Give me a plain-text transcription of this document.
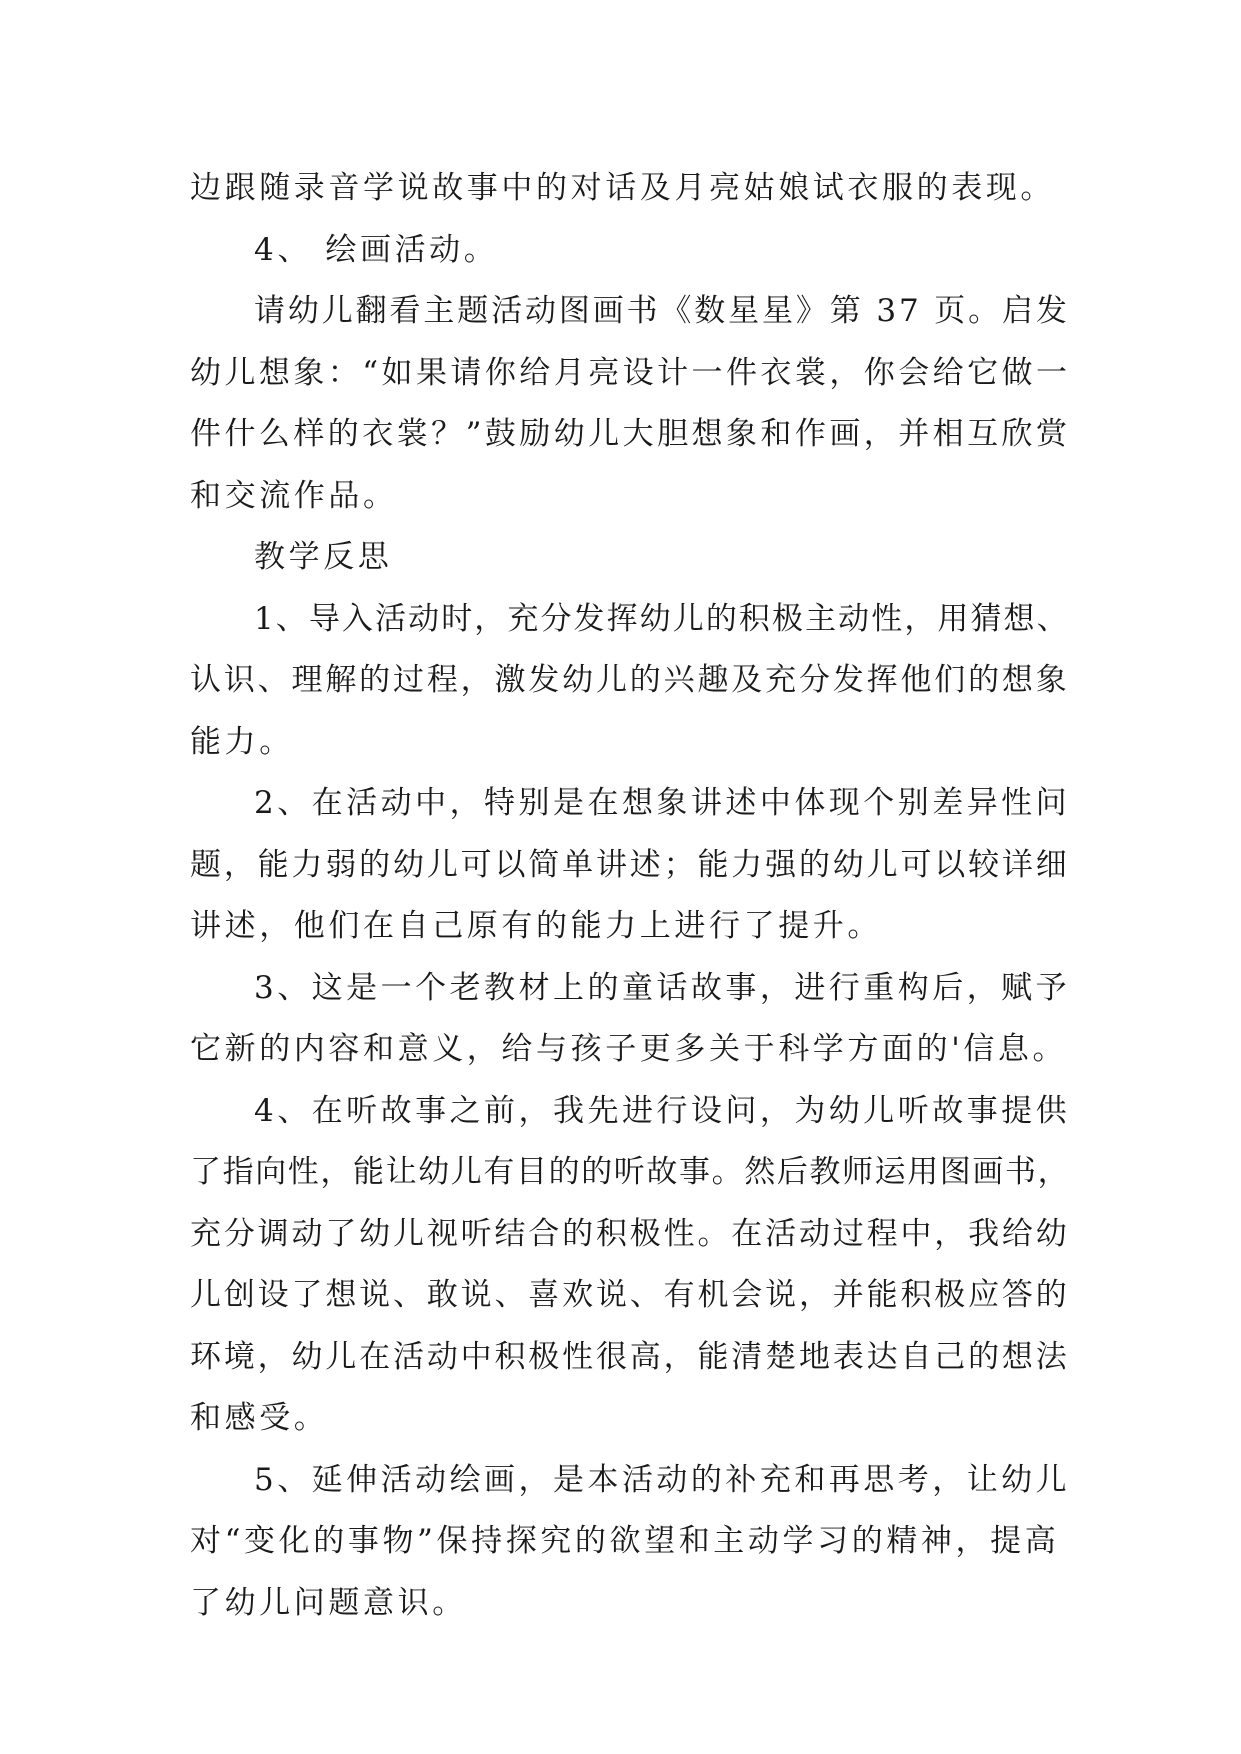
边跟随录音学说故事中的对话及月亮姑娘试衣服的表现。
4、 绘画活动。
请幼儿翻看主题活动图画书《数星星》第 37 页。启发
幼儿想象：“如果请你给月亮设计一件衣裳，你会给它做一
件什么样的衣裳？”鼓励幼儿大胆想象和作画，并相互欣赏
和交流作品。
教学反思
1、导入活动时，充分发挥幼儿的积极主动性，用猜想、
认识、理解的过程，激发幼儿的兴趣及充分发挥他们的想象
能力。
2、在活动中，特别是在想象讲述中体现个别差异性问
题，能力弱的幼儿可以简单讲述；能力强的幼儿可以较详细
讲述，他们在自己原有的能力上进行了提升。
3、这是一个老教材上的童话故事，进行重构后，赋予
它新的内容和意义，给与孩子更多关于科学方面的'信息。
4、在听故事之前，我先进行设问，为幼儿听故事提供
了指向性，能让幼儿有目的的听故事。然后教师运用图画书，
充分调动了幼儿视听结合的积极性。在活动过程中，我给幼
儿创设了想说、敢说、喜欢说、有机会说，并能积极应答的
环境，幼儿在活动中积极性很高，能清楚地表达自己的想法
和感受。
5、延伸活动绘画，是本活动的补充和再思考，让幼儿
对“变化的事物”保持探究的欲望和主动学习的精神，提高
了幼儿问题意识。
